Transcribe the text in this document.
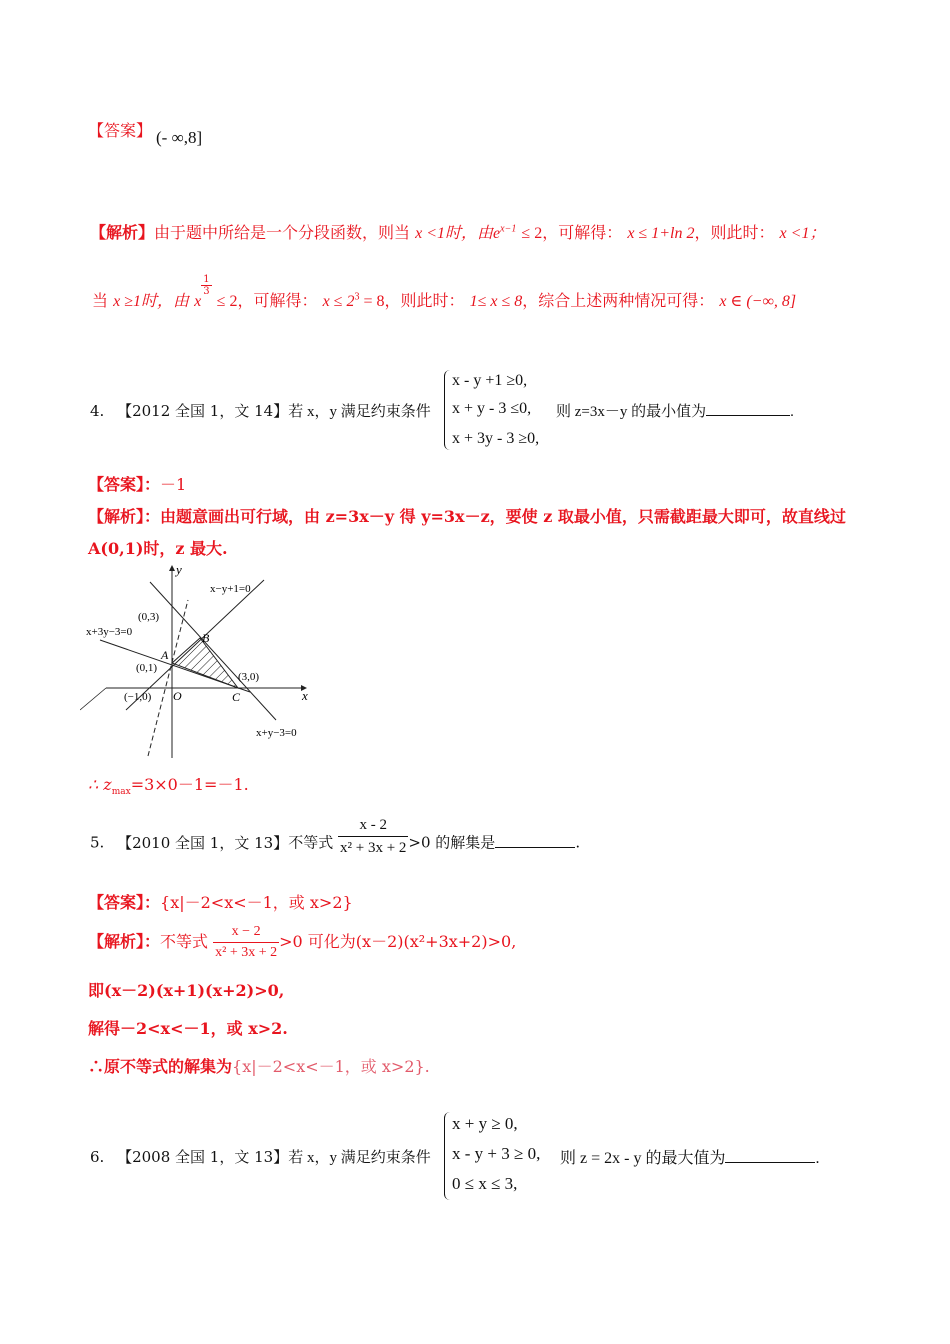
【答案】 (- ∞,8]
【解析】由于题中所给是一个分段函数，则当 x <1时，由$e^{x-1} \le 2$，可解得： x ≤ 1+ln 2，则此时： x <1；
当 x ≥1时，由 x
$\frac{1}{3}$
≤ 2，可解得： $x \le 2^3 = 8$，则此时： 1≤ x ≤ 8，综合上述两种情况可得： x ∈ (−∞, 8]
4. 【2012 全国 1，文 14】若 x，y 满足约束条件
x - y +1 ≥0,
x + y - 3 ≤0,
x + 3y - 3 ≥0,
则 z=3x－y 的最小值为	.
【答案】：－1
【解析】：由题意画出可行域，由 z=3x－y 得 y=3x－z，要使 z 取最小值，只需截距最大即可，故直线过
A(0,1)时，z 最大.
y
x
O
A
B
C
(0,3)
(0,1)
(−1,0)
(3,0)
x−y+1=0
x+3y−3=0
x+y−3=0
∴ $z_{max}=3\times 0-1=-1$.
5. 【2010 全国 1，文 13】不等式 $\frac{x - 2}{\text{x² + 3x + 2}} >0$ 的解集是	.
【答案】：{x|－2<x<－1，或 x>2}
【解析】：不等式 $\frac{x - 2}{\text{x² + 3x + 2}} >0$ 可化为(x－2)(x²+3x+2)>0,
即(x－2)(x+1)(x+2)>0,
解得－2<x<－1，或 x>2.
∴原不等式的解集为{x|－2<x<－1，或 x>2}.
6. 【2008 全国 1，文 13】若 x，y 满足约束条件
x + y ≥ 0,
x - y + 3 ≥ 0,
0 ≤ x ≤ 3,
则 z = 2x - y 的最大值为	.
